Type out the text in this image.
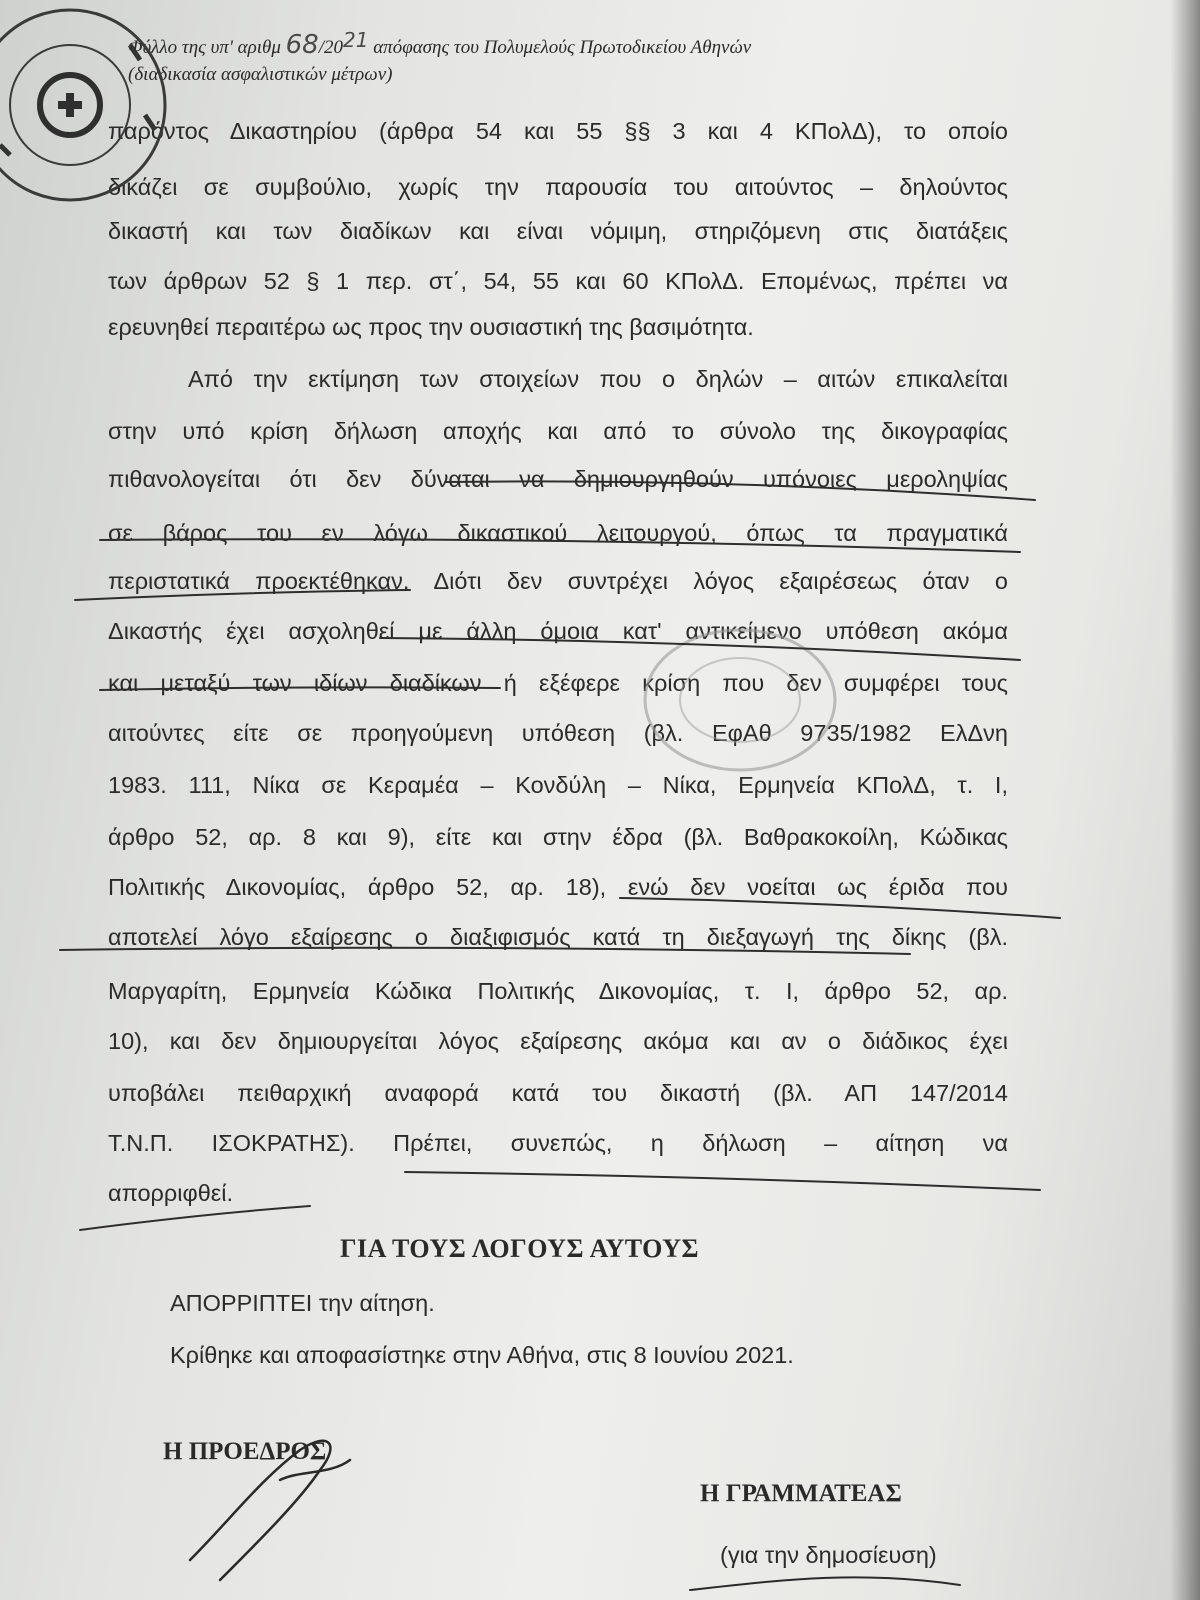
Φύλλο της υπ' αριθμ 68/2021 απόφασης του Πολυμελούς Πρωτοδικείου Αθηνών
(διαδικασία ασφαλιστικών μέτρων)
παρόντος Δικαστηρίου (άρθρα 54 και 55 §§ 3 και 4 ΚΠολΔ), το οποίο
δικάζει σε συμβούλιο, χωρίς την παρουσία του αιτούντος – δηλούντος
δικαστή και των διαδίκων και είναι νόμιμη, στηριζόμενη στις διατάξεις
των άρθρων 52 § 1 περ. στ΄, 54, 55 και 60 ΚΠολΔ. Επομένως, πρέπει να
ερευνηθεί περαιτέρω ως προς την ουσιαστική της βασιμότητα.
Από την εκτίμηση των στοιχείων που ο δηλών – αιτών επικαλείται
στην υπό κρίση δήλωση αποχής και από το σύνολο της δικογραφίας
πιθανολογείται ότι δεν δύναται να δημιουργηθούν υπόνοιες μεροληψίας
σε βάρος του εν λόγω δικαστικού λειτουργού, όπως τα πραγματικά
περιστατικά προεκτέθηκαν. Διότι δεν συντρέχει λόγος εξαιρέσεως όταν ο
Δικαστής έχει ασχοληθεί με άλλη όμοια κατ' αντικείμενο υπόθεση ακόμα
και μεταξύ των ιδίων διαδίκων ή εξέφερε κρίση που δεν συμφέρει τους
αιτούντες είτε σε προηγούμενη υπόθεση (βλ. ΕφΑθ 9735/1982 ΕλΔνη
1983. 111, Νίκα σε Κεραμέα – Κονδύλη – Νίκα, Ερμηνεία ΚΠολΔ, τ. Ι,
άρθρο 52, αρ. 8 και 9), είτε και στην έδρα (βλ. Βαθρακοκοίλη, Κώδικας
Πολιτικής Δικονομίας, άρθρο 52, αρ. 18), ενώ δεν νοείται ως έριδα που
αποτελεί λόγο εξαίρεσης ο διαξιφισμός κατά τη διεξαγωγή της δίκης (βλ.
Μαργαρίτη, Ερμηνεία Κώδικα Πολιτικής Δικονομίας, τ. Ι, άρθρο 52, αρ.
10), και δεν δημιουργείται λόγος εξαίρεσης ακόμα και αν ο διάδικος έχει
υποβάλει πειθαρχική αναφορά κατά του δικαστή (βλ. ΑΠ 147/2014
Τ.Ν.Π. ΙΣΟΚΡΑΤΗΣ). Πρέπει, συνεπώς, η δήλωση – αίτηση να
απορριφθεί.
ΓΙΑ ΤΟΥΣ ΛΟΓΟΥΣ ΑΥΤΟΥΣ
ΑΠΟΡΡΙΠΤΕΙ την αίτηση.
Κρίθηκε και αποφασίστηκε στην Αθήνα, στις 8 Ιουνίου 2021.
Η ΠΡΟΕΔΡΟΣ
Η ΓΡΑΜΜΑΤΕΑΣ
(για την δημοσίευση)
